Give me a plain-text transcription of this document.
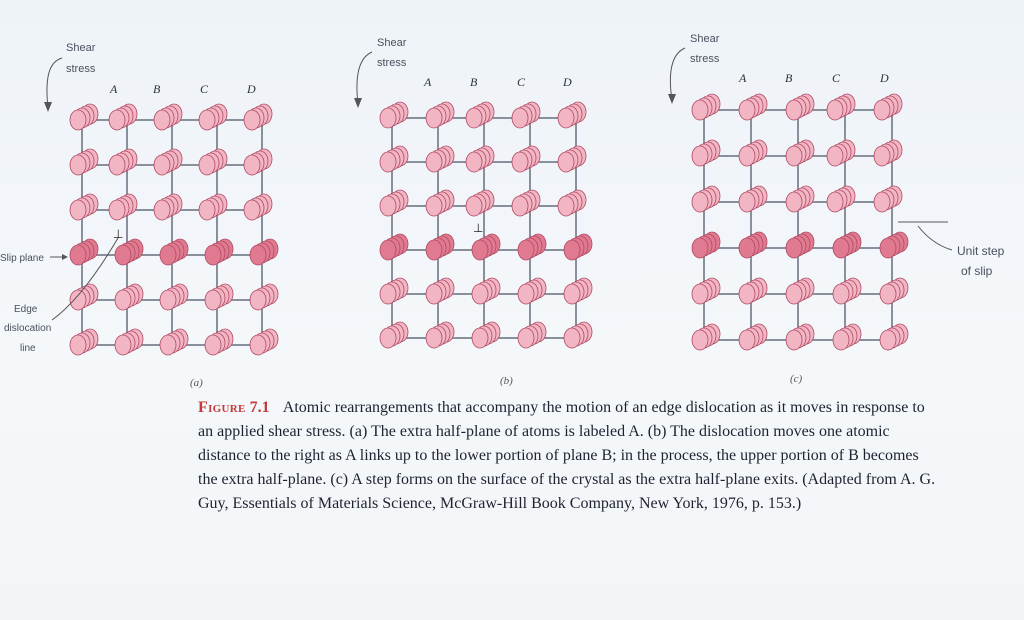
Shear
stress
A	B	C	D
Slip plane
Edge
dislocation
line
⊥
(a)
Shear
stress
A	B	C	D
⊥
(b)
Shear
stress
A	B	C	D
Unit step
of slip
(c)
Figure 7.1 Atomic rearrangements that accompany the motion of an edge dislocation as it moves in response to an applied shear stress. (a) The extra half-plane of atoms is labeled A. (b) The dislocation moves one atomic distance to the right as A links up to the lower portion of plane B; in the process, the upper portion of B becomes the extra half-plane. (c) A step forms on the surface of the crystal as the extra half-plane exits. (Adapted from A. G. Guy, Essentials of Materials Science, McGraw-Hill Book Company, New York, 1976, p. 153.)
